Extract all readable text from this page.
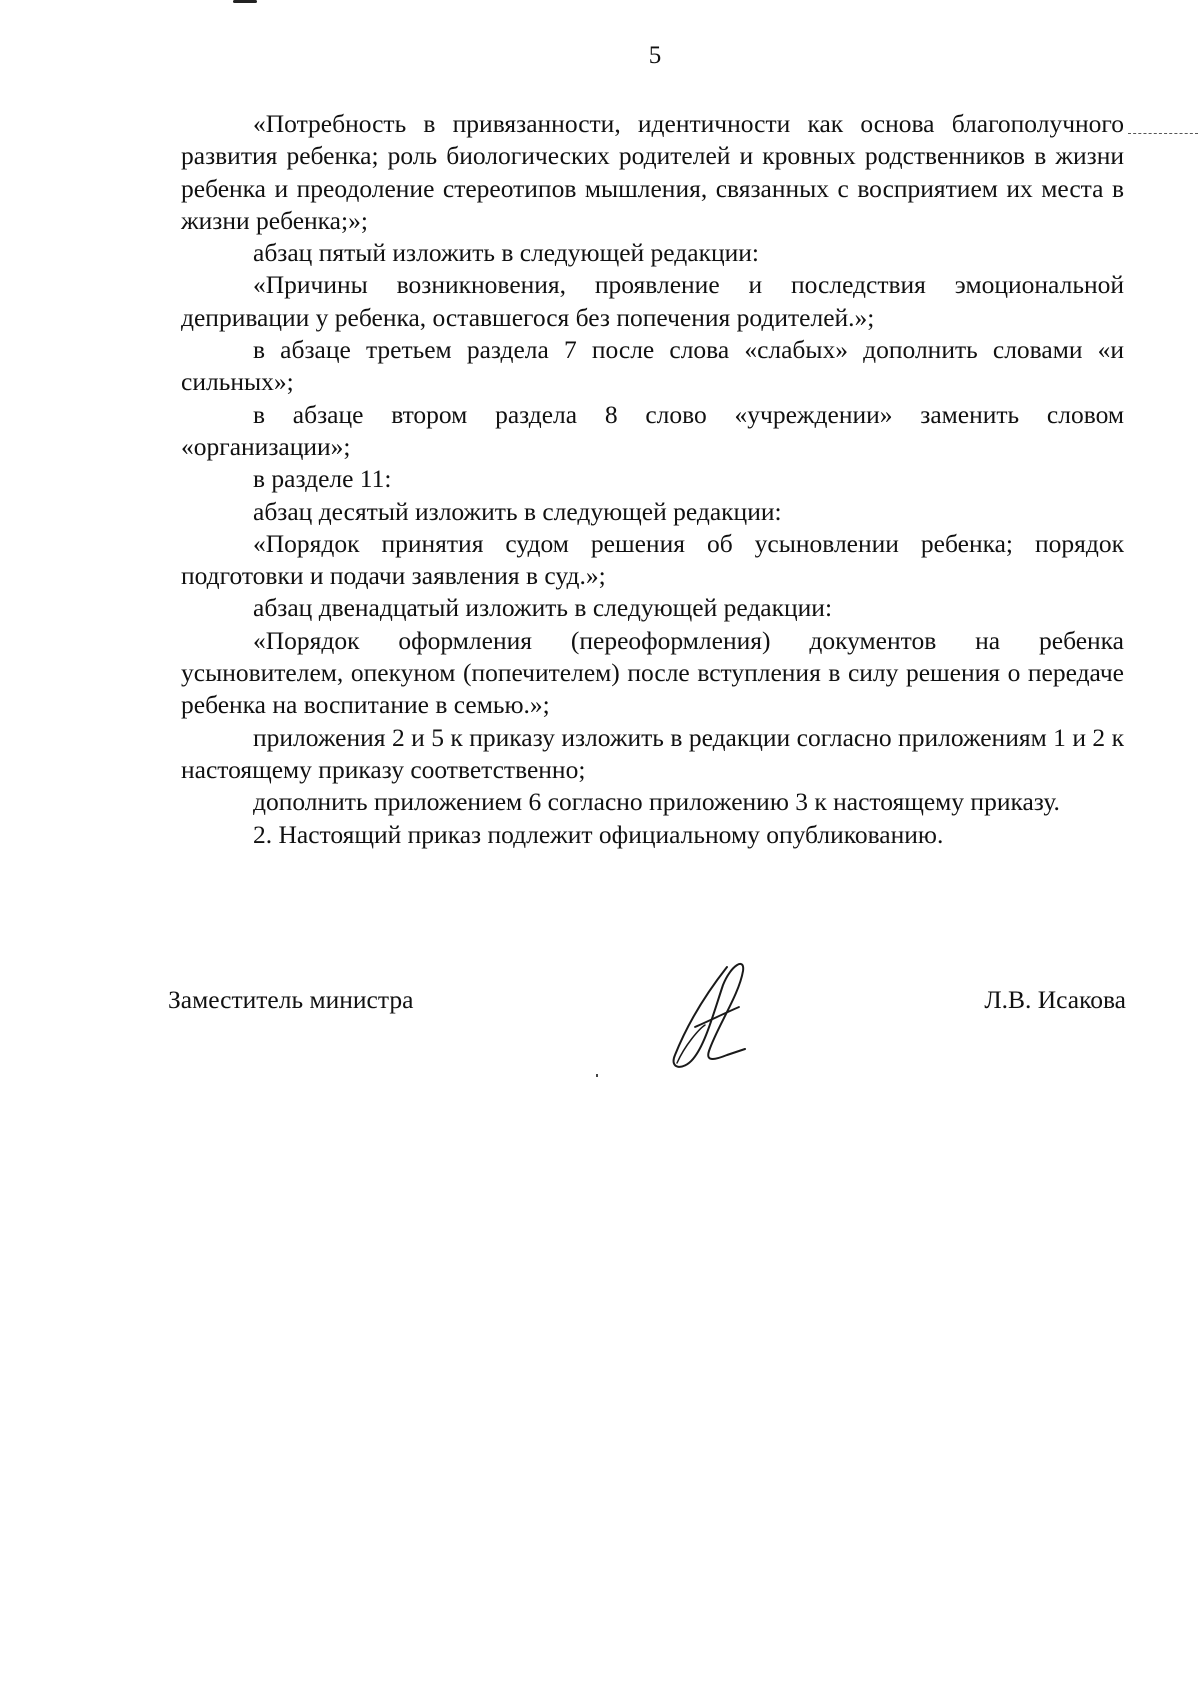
5

«Потребность в привязанности, идентичности как основа благополучного развития ребенка; роль биологических родителей и кровных родственников в жизни ребенка и преодоление стереотипов мышления, связанных с восприятием их места в жизни ребенка;»;

абзац пятый изложить в следующей редакции:

«Причины возникновения, проявление и последствия эмоциональной депривации у ребенка, оставшегося без попечения родителей.»;

в абзаце третьем раздела 7 после слова «слабых» дополнить словами «и сильных»;

в абзаце втором раздела 8 слово «учреждении» заменить словом «организации»;

в разделе 11:

абзац десятый изложить в следующей редакции:

«Порядок принятия судом решения об усыновлении ребенка; порядок подготовки и подачи заявления в суд.»;

абзац двенадцатый изложить в следующей редакции:

«Порядок оформления (переоформления) документов на ребенка усыновителем, опекуном (попечителем) после вступления в силу решения о передаче ребенка на воспитание в семью.»;

приложения 2 и 5 к приказу изложить в редакции согласно приложениям 1 и 2 к настоящему приказу соответственно;

дополнить приложением 6 согласно приложению 3 к настоящему приказу.

2. Настоящий приказ подлежит официальному опубликованию.

Заместитель министра	Л.В. Исакова
